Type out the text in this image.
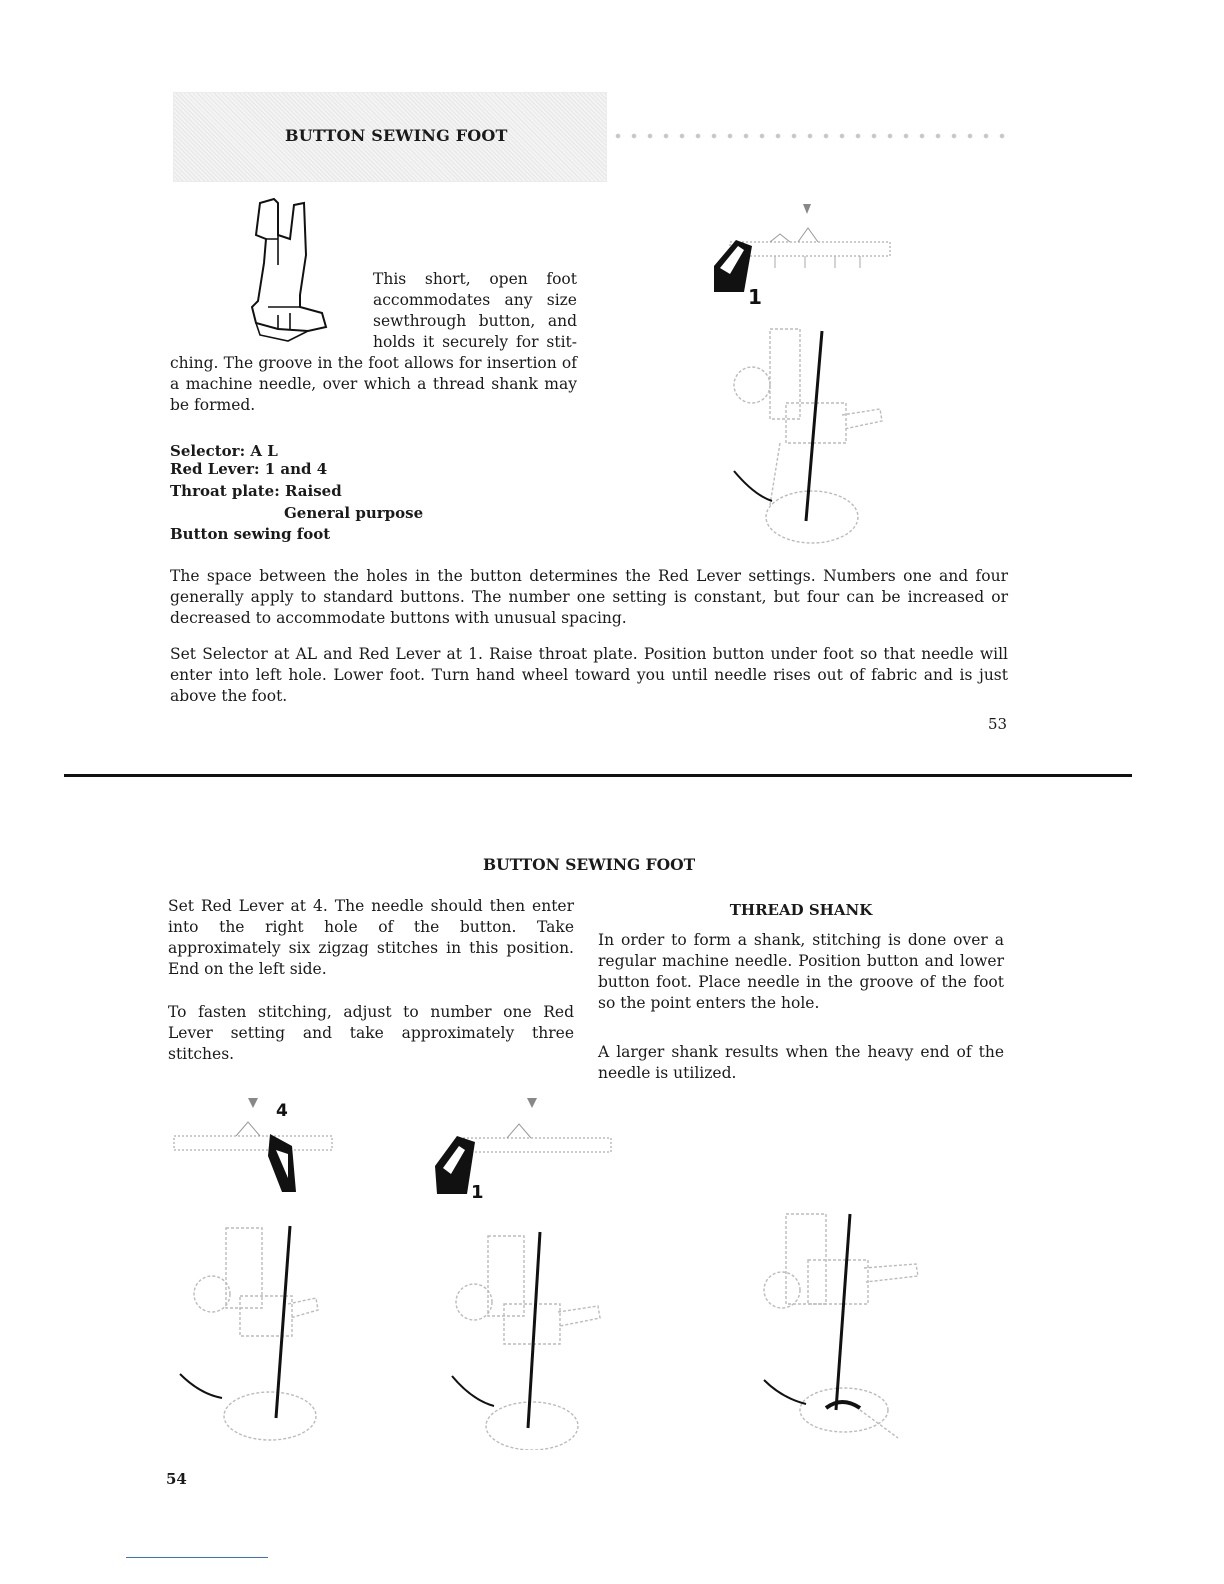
BUTTON SEWING FOOT
This short, open foot
accommodates any size
sewthrough button, and
holds it securely for stit-
ching. The groove in the foot allows for insertion of a machine needle, over which a thread shank may be formed.
Selector: A L
Red Lever: 1 and 4
Throat plate: Raised
General purpose
Button sewing foot
1
The space between the holes in the button determines the Red Lever settings. Numbers one and four generally apply to standard buttons. The number one setting is constant, but four can be increased or decreased to accommodate buttons with unusual spacing.
Set Selector at AL and Red Lever at 1. Raise throat plate. Position button under foot so that needle will enter into left hole. Lower foot. Turn hand wheel toward you until needle rises out of fabric and is just above the foot.
53
BUTTON SEWING FOOT
Set Red Lever at 4. The needle should then enter into the right hole of the button. Take approximately six zigzag stitches in this position. End on the left side.
To fasten stitching, adjust to number one Red Lever setting and take approximately three stitches.
THREAD SHANK
In order to form a shank, stitching is done over a regular machine needle. Position button and lower button foot. Place needle in the groove of the foot so the point enters the hole.
A larger shank results when the heavy end of the needle is utilized.
4
1
54
